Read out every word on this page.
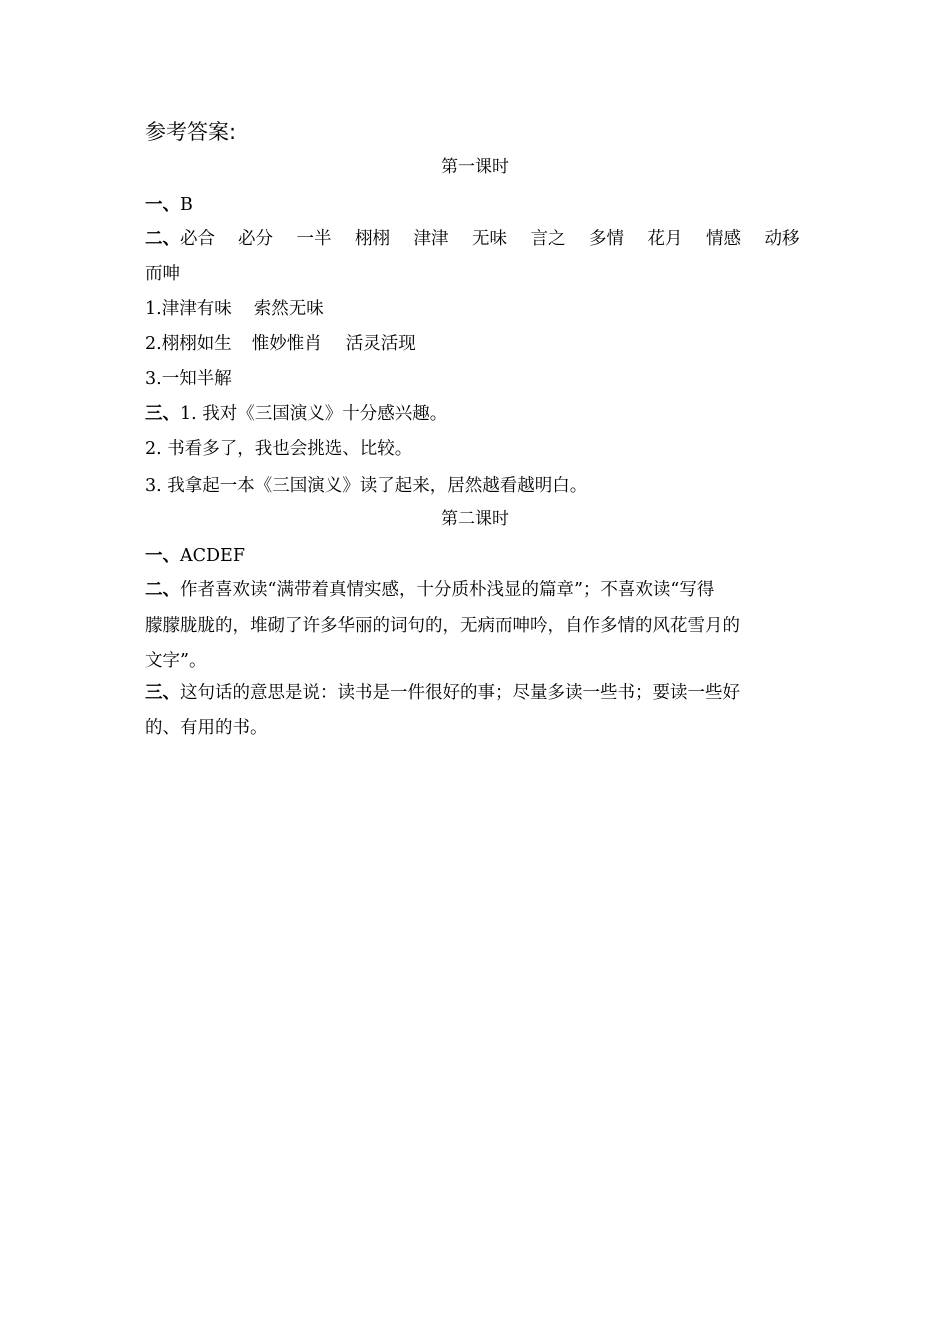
参考答案:
第一课时
一、B
二、必合 必分 一半 栩栩 津津 无味 言之 多情 花月 情感 动移
而呻
1.津津有味 索然无味
2.栩栩如生 惟妙惟肖 活灵活现
3.一知半解
三、1. 我对《三国演义》十分感兴趣。
2. 书看多了，我也会挑选、比较。
3. 我拿起一本《三国演义》读了起来，居然越看越明白。
第二课时
一、ACDEF
二、作者喜欢读“满带着真情实感，十分质朴浅显的篇章”；不喜欢读“写得
朦朦胧胧的，堆砌了许多华丽的词句的，无病而呻吟，自作多情的风花雪月的
文字”。
三、这句话的意思是说：读书是一件很好的事；尽量多读一些书；要读一些好
的、有用的书。
